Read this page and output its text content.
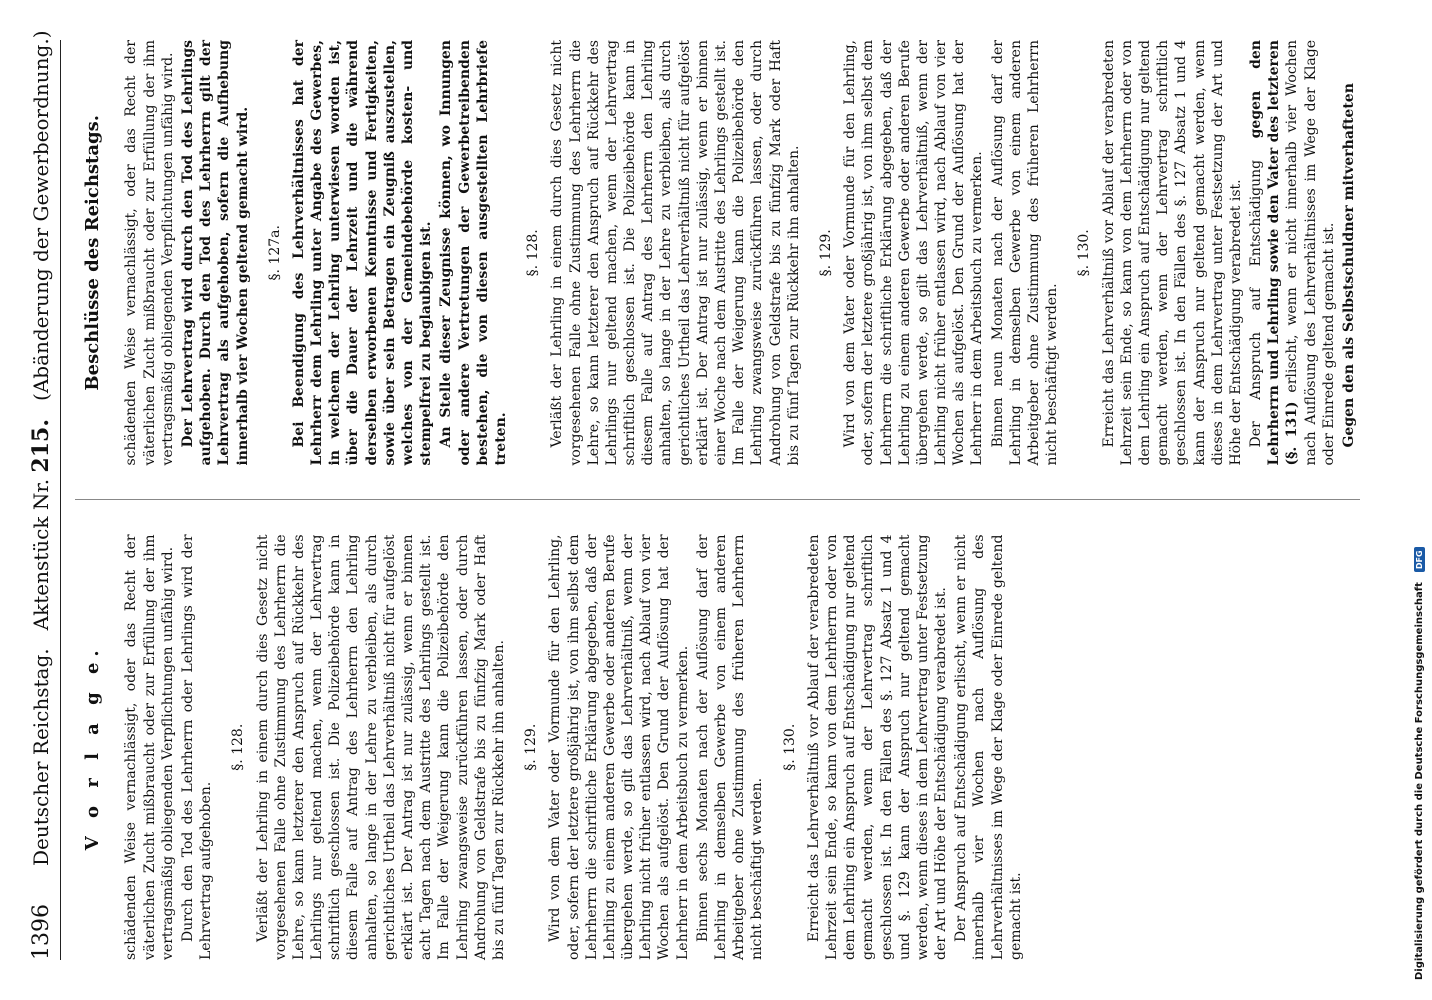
1396
Deutscher Reichstag.
Aktenstück Nr. 215.
(Abänderung der Gewerbeordnung.)
V o r l a g e. schädenden Weise vernachlässigt, oder das Recht der väterlichen Zucht mißbraucht oder zur Erfüllung der ihm vertragsmäßig obliegenden Verpflichtungen unfähig wird. Durch den Tod des Lehrherrn oder Lehrlings wird der Lehrvertrag aufgehoben.

§. 128. Verläßt der Lehrling in einem durch dies Gesetz nicht vorgesehenen Falle ohne Zustimmung des Lehrherrn die Lehre, so kann letzterer den Anspruch auf Rückkehr des Lehrlings nur geltend machen, wenn der Lehrvertrag schriftlich geschlossen ist. Die Polizeibehörde kann in diesem Falle auf Antrag des Lehrherrn den Lehrling anhalten, so lange in der Lehre zu verbleiben, als durch gerichtliches Urtheil das Lehrverhältniß nicht für aufgelöst erklärt ist. Der Antrag ist nur zulässig, wenn er binnen acht Tagen nach dem Austritte des Lehrlings gestellt ist. Im Falle der Weigerung kann die Polizeibehörde den Lehrling zwangsweise zurückführen lassen, oder durch Androhung von Geldstrafe bis zu fünfzig Mark oder Haft bis zu fünf Tagen zur Rückkehr ihn anhalten. §. 129. Wird von dem Vater oder Vormunde für den Lehrling, oder, sofern der letztere großjährig ist, von ihm selbst dem Lehrherrn die schriftliche Erklärung abgegeben, daß der Lehrling zu einem anderen Gewerbe oder anderen Berufe übergehen werde, so gilt das Lehrverhältniß, wenn der Lehrling nicht früher entlassen wird, nach Ablauf von vier Wochen als aufgelöst. Den Grund der Auflösung hat der Lehrherr in dem Arbeitsbuch zu vermerken. Binnen sechs Monaten nach der Auflösung darf der Lehrling in demselben Gewerbe von einem anderen Arbeitgeber ohne Zustimmung des früheren Lehrherrn nicht beschäftigt werden.

§. 130. Erreicht das Lehrverhältniß vor Ablauf der verabredeten Lehrzeit sein Ende, so kann von dem Lehrherrn oder von dem Lehrling ein Anspruch auf Entschädigung nur geltend gemacht werden, wenn der Lehrvertrag schriftlich geschlossen ist. In den Fällen des §. 127 Absatz 1 und 4 und §. 129 kann der Anspruch nur geltend gemacht werden, wenn dieses in dem Lehrvertrag unter Festsetzung der Art und Höhe der Entschädigung verabredet ist. Der Anspruch auf Entschädigung erlischt, wenn er nicht innerhalb vier Wochen nach Auflösung des Lehrverhältnisses im Wege der Klage oder Einrede geltend gemacht ist.

Beschlüsse des Reichstags. schädenden Weise vernachlässigt, oder das Recht der väterlichen Zucht mißbraucht oder zur Erfüllung der ihm vertragsmäßig obliegenden Verpflichtungen unfähig wird. Der Lehrvertrag wird durch den Tod des Lehrlings aufgehoben. Durch den Tod des Lehrherrn gilt der Lehrvertrag als aufgehoben, sofern die Aufhebung innerhalb vier Wochen geltend gemacht wird. §. 127a. Bei Beendigung des Lehrverhältnisses hat der Lehrherr dem Lehrling unter Angabe des Gewerbes, in welchem der Lehrling unterwiesen worden ist, über die Dauer der Lehrzeit und die während derselben erworbenen Kenntnisse und Fertigkeiten, sowie über sein Betragen ein Zeugniß auszustellen, welches von der Gemeindebehörde kosten- und stempelfrei zu beglaubigen ist. An Stelle dieser Zeugnisse können, wo Innungen oder andere Vertretungen der Gewerbetreibenden bestehen, die von diesen ausgestellten Lehrbriefe treten.

§. 128. Verläßt der Lehrling in einem durch dies Gesetz nicht vorgesehenen Falle ohne Zustimmung des Lehrherrn die Lehre, so kann letzterer den Anspruch auf Rückkehr des Lehrlings nur geltend machen, wenn der Lehrvertrag schriftlich geschlossen ist. Die Polizeibehörde kann in diesem Falle auf Antrag des Lehrherrn den Lehrling anhalten, so lange in der Lehre zu verbleiben, als durch gerichtliches Urtheil das Lehrverhältniß nicht für aufgelöst erklärt ist. Der Antrag ist nur zulässig, wenn er binnen einer Woche nach dem Austritte des Lehrlings gestellt ist. Im Falle der Weigerung kann die Polizeibehörde den Lehrling zwangsweise zurückführen lassen, oder durch Androhung von Geldstrafe bis zu fünfzig Mark oder Haft bis zu fünf Tagen zur Rückkehr ihn anhalten. §. 129. Wird von dem Vater oder Vormunde für den Lehrling, oder, sofern der letztere großjährig ist, von ihm selbst dem Lehrherrn die schriftliche Erklärung abgegeben, daß der Lehrling zu einem anderen Gewerbe oder anderen Berufe übergehen werde, so gilt das Lehrverhältniß, wenn der Lehrling nicht früher entlassen wird, nach Ablauf von vier Wochen als aufgelöst. Den Grund der Auflösung hat der Lehrherr in dem Arbeitsbuch zu vermerken. Binnen neun Monaten nach der Auflösung darf der Lehrling in demselben Gewerbe von einem anderen Arbeitgeber ohne Zustimmung des früheren Lehrherrn nicht beschäftigt werden.

§. 130. Erreicht das Lehrverhältniß vor Ablauf der verabredeten Lehrzeit sein Ende, so kann von dem Lehrherrn oder von dem Lehrling ein Anspruch auf Entschädigung nur geltend gemacht werden, wenn der Lehrvertrag schriftlich geschlossen ist. In den Fällen des §. 127 Absatz 1 und 4 kann der Anspruch nur geltend gemacht werden, wenn dieses in dem Lehrvertrag unter Festsetzung der Art und Höhe der Entschädigung verabredet ist. Der Anspruch auf Entschädigung gegen den Lehrherrn und Lehrling sowie den Vater des letzteren (§. 131) erlischt, wenn er nicht innerhalb vier Wochen nach Auflösung des Lehrverhältnisses im Wege der Klage oder Einrede geltend gemacht ist. Gegen den als Selbstschuldner mitverhafteten

Digitalisierung gefördert durch die Deutsche Forschungsgemeinschaft
DFG
